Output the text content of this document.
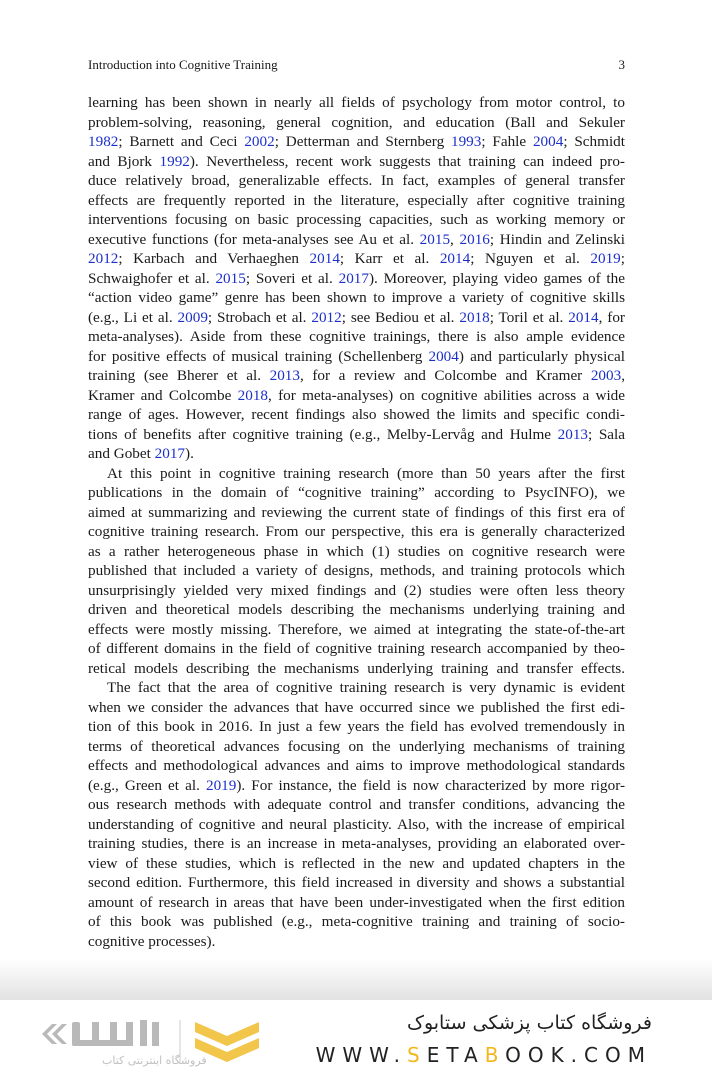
Introduction into Cognitive Training	3
learning has been shown in nearly all fields of psychology from motor control, to
problem-solving, reasoning, general cognition, and education (Ball and Sekuler
1982; Barnett and Ceci 2002; Detterman and Sternberg 1993; Fahle 2004; Schmidt
and Bjork 1992). Nevertheless, recent work suggests that training can indeed pro-
duce relatively broad, generalizable effects. In fact, examples of general transfer
effects are frequently reported in the literature, especially after cognitive training
interventions focusing on basic processing capacities, such as working memory or
executive functions (for meta-analyses see Au et al. 2015, 2016; Hindin and Zelinski
2012; Karbach and Verhaeghen 2014; Karr et al. 2014; Nguyen et al. 2019;
Schwaighofer et al. 2015; Soveri et al. 2017). Moreover, playing video games of the
“action video game” genre has been shown to improve a variety of cognitive skills
(e.g., Li et al. 2009; Strobach et al. 2012; see Bediou et al. 2018; Toril et al. 2014, for
meta-analyses). Aside from these cognitive trainings, there is also ample evidence
for positive effects of musical training (Schellenberg 2004) and particularly physical
training (see Bherer et al. 2013, for a review and Colcombe and Kramer 2003,
Kramer and Colcombe 2018, for meta-analyses) on cognitive abilities across a wide
range of ages. However, recent findings also showed the limits and specific condi-
tions of benefits after cognitive training (e.g., Melby-Lervåg and Hulme 2013; Sala
and Gobet 2017).
At this point in cognitive training research (more than 50 years after the first
publications in the domain of “cognitive training” according to PsycINFO), we
aimed at summarizing and reviewing the current state of findings of this first era of
cognitive training research. From our perspective, this era is generally characterized
as a rather heterogeneous phase in which (1) studies on cognitive research were
published that included a variety of designs, methods, and training protocols which
unsurprisingly yielded very mixed findings and (2) studies were often less theory
driven and theoretical models describing the mechanisms underlying training and
effects were mostly missing. Therefore, we aimed at integrating the state-of-the-art
of different domains in the field of cognitive training research accompanied by theo-
retical models describing the mechanisms underlying training and transfer effects.
The fact that the area of cognitive training research is very dynamic is evident
when we consider the advances that have occurred since we published the first edi-
tion of this book in 2016. In just a few years the field has evolved tremendously in
terms of theoretical advances focusing on the underlying mechanisms of training
effects and methodological advances and aims to improve methodological standards
(e.g., Green et al. 2019). For instance, the field is now characterized by more rigor-
ous research methods with adequate control and transfer conditions, advancing the
understanding of cognitive and neural plasticity. Also, with the increase of empirical
training studies, there is an increase in meta-analyses, providing an elaborated over-
view of these studies, which is reflected in the new and updated chapters in the
second edition. Furthermore, this field increased in diversity and shows a substantial
amount of research in areas that have been under-investigated when the first edition
of this book was published (e.g., meta-cognitive training and training of socio-
cognitive processes).
فروشگاه اینترنتی کتاب
فروشگاه کتاب پزشکی ستابوک
WWW.SETABOOK.COM
